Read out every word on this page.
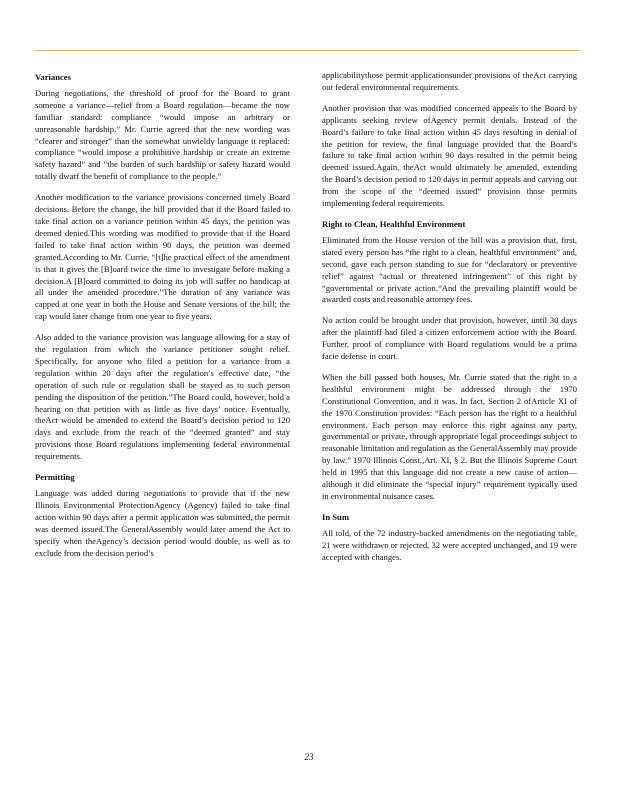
Variances

During negotiations, the threshold of proof for the Board to grant someone a variance—relief from a Board regulation—became the now familiar standard: compliance “would impose an arbitrary or unreasonable hardship.” Mr. Currie agreed that the new wording was “clearer and stronger” than the somewhat unwieldy language it replaced: compliance “would impose a prohibitive hardship or create an extreme safety hazard” and “the burden of such hardship or safety hazard would totally dwarf the benefit of compliance to the people.”

Another modification to the variance provisions concerned timely Board decisions. Before the change, the bill provided that if the Board failed to take final action on a variance petition within 45 days, the petition was deemed denied.This wording was modified to provide that if the Board failed to take final action within 90 days, the petition was deemed granted.According to Mr. Currie, “[t]he practical effect of the amendment is that it gives the [B]oard twice the time to investigate before making a decision.A [B]oard committed to doing its job will suffer no handicap at all under the amended procedure.”The duration of any variance was capped at one year in both the House and Senate versions of the bill; the cap would later change from one year to five years.

Also added to the variance provision was language allowing for a stay of the regulation from which the variance petitioner sought relief. Specifically, for anyone who filed a petition for a variance from a regulation within 20 days after the regulation’s effective date, “the operation of such rule or regulation shall be stayed as to such person pending the disposition of the petition.”The Board could, however, hold a hearing on that petition with as little as five days’ notice. Eventually, theAct would be amended to extend the Board’s decision period to 120 days and exclude from the reach of the “deemed granted” and stay provisions those Board regulations implementing federal environmental requirements.

Permitting

Language was added during negotiations to provide that if the new Illinois Environmental ProtectionAgency (Agency) failed to take final action within 90 days after a permit application was submitted, the permit was deemed issued.The GeneralAssembly would later amend the Act to specify when theAgency’s decision period would double, as well as to exclude from the decision period’s

applicabilitythose permit applicationsunder provisions of theAct carrying out federal environmental requirements.

Another provision that was modified concerned appeals to the Board by applicants seeking review ofAgency permit denials. Instead of the Board’s failure to take final action within 45 days resulting in denial of the petition for review, the final language provided that the Board’s failure to take final action within 90 days resulted in the permit being deemed issued.Again, theAct would ultimately be amended, extending the Board’s decision period to 120 days in permit appeals and carving out from the scope of the “deemed issued” provision those permits implementing federal requirements.

Right to Clean, Healthful Environment

Eliminated from the House version of the bill was a provision that, first, stated every person has “the right to a clean, healthful environment” and, second, gave each person standing to sue for “declaratory or preventive relief” against “actual or threatened infringement” of this right by “governmental or private action.”And the prevailing plaintiff would be awarded costs and reasonable attorney fees.

No action could be brought under that provision, however, until 30 days after the plaintiff had filed a citizen enforcement action with the Board. Further, proof of compliance with Board regulations would be a prima facie defense in court.

When the bill passed both houses, Mr. Currie stated that the right to a healthful environment might be addressed through the 1970 Constitutional Convention, and it was. In fact, Section 2 ofArticle XI of the 1970 Constitution provides: “Each person has the right to a healthful environment. Each person may enforce this right against any party, governmental or private, through appropriate legal proceedings subject to reasonable limitation and regulation as the GeneralAssembly may provide by law.” 1970 Illinois Const.,Art. XI, § 2. But the Illinois Supreme Court held in 1995 that this language did not create a new cause of action—although it did eliminate the “special injury” requirement typically used in environmental nuisance cases.

In Sum

All told, of the 72 industry-backed amendments on the negotiating table, 21 were withdrawn or rejected, 32 were accepted unchanged, and 19 were accepted with changes.

23
